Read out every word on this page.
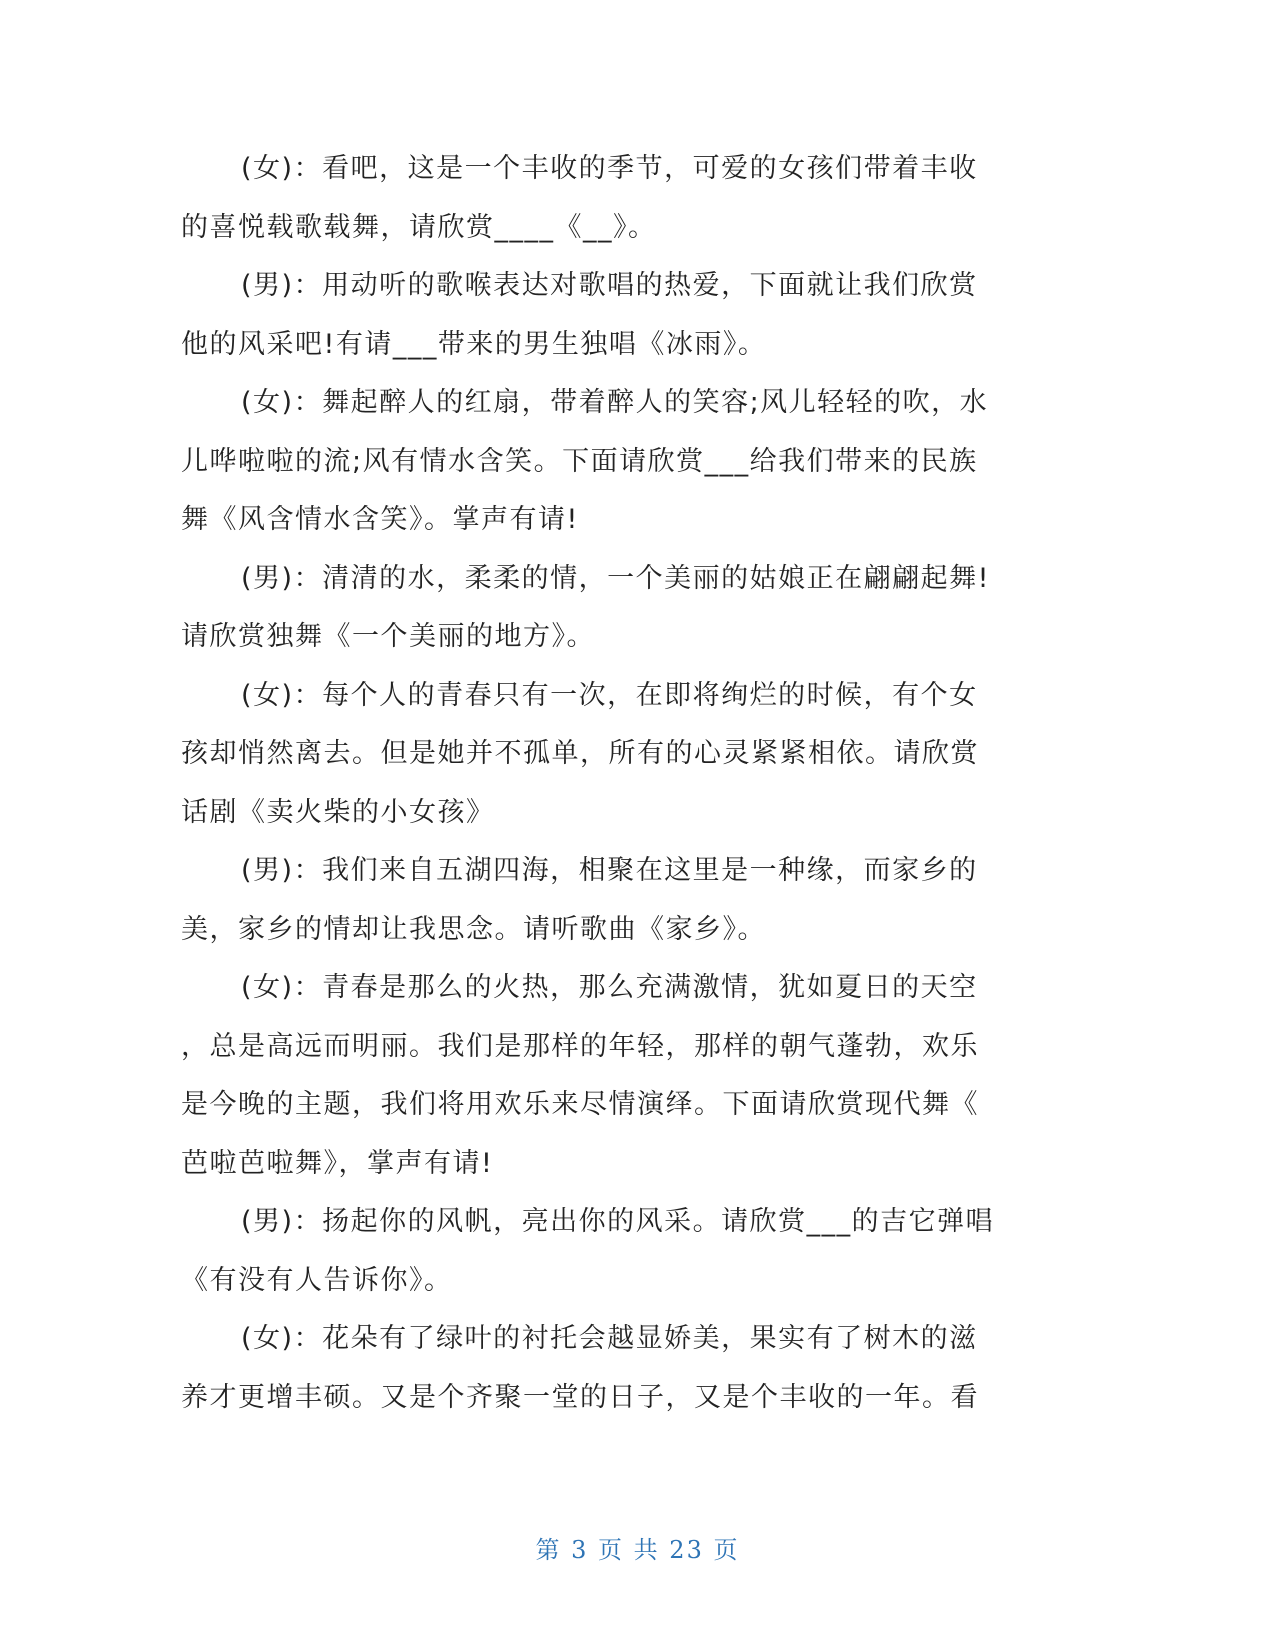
(女)：看吧，这是一个丰收的季节，可爱的女孩们带着丰收
的喜悦载歌载舞，请欣赏____《__》。
(男)：用动听的歌喉表达对歌唱的热爱，下面就让我们欣赏
他的风采吧!有请___带来的男生独唱《冰雨》。
(女)：舞起醉人的红扇，带着醉人的笑容;风儿轻轻的吹，水
儿哗啦啦的流;风有情水含笑。下面请欣赏___给我们带来的民族
舞《风含情水含笑》。掌声有请!
(男)：清清的水，柔柔的情，一个美丽的姑娘正在翩翩起舞!
请欣赏独舞《一个美丽的地方》。
(女)：每个人的青春只有一次，在即将绚烂的时候，有个女
孩却悄然离去。但是她并不孤单，所有的心灵紧紧相依。请欣赏
话剧《卖火柴的小女孩》
(男)：我们来自五湖四海，相聚在这里是一种缘，而家乡的
美，家乡的情却让我思念。请听歌曲《家乡》。
(女)：青春是那么的火热，那么充满激情，犹如夏日的天空
，总是高远而明丽。我们是那样的年轻，那样的朝气蓬勃，欢乐
是今晚的主题，我们将用欢乐来尽情演绎。下面请欣赏现代舞《
芭啦芭啦舞》，掌声有请!
(男)：扬起你的风帆，亮出你的风采。请欣赏___的吉它弹唱
《有没有人告诉你》。
(女)：花朵有了绿叶的衬托会越显娇美，果实有了树木的滋
养才更增丰硕。又是个齐聚一堂的日子，又是个丰收的一年。看
第 3 页 共 23 页
